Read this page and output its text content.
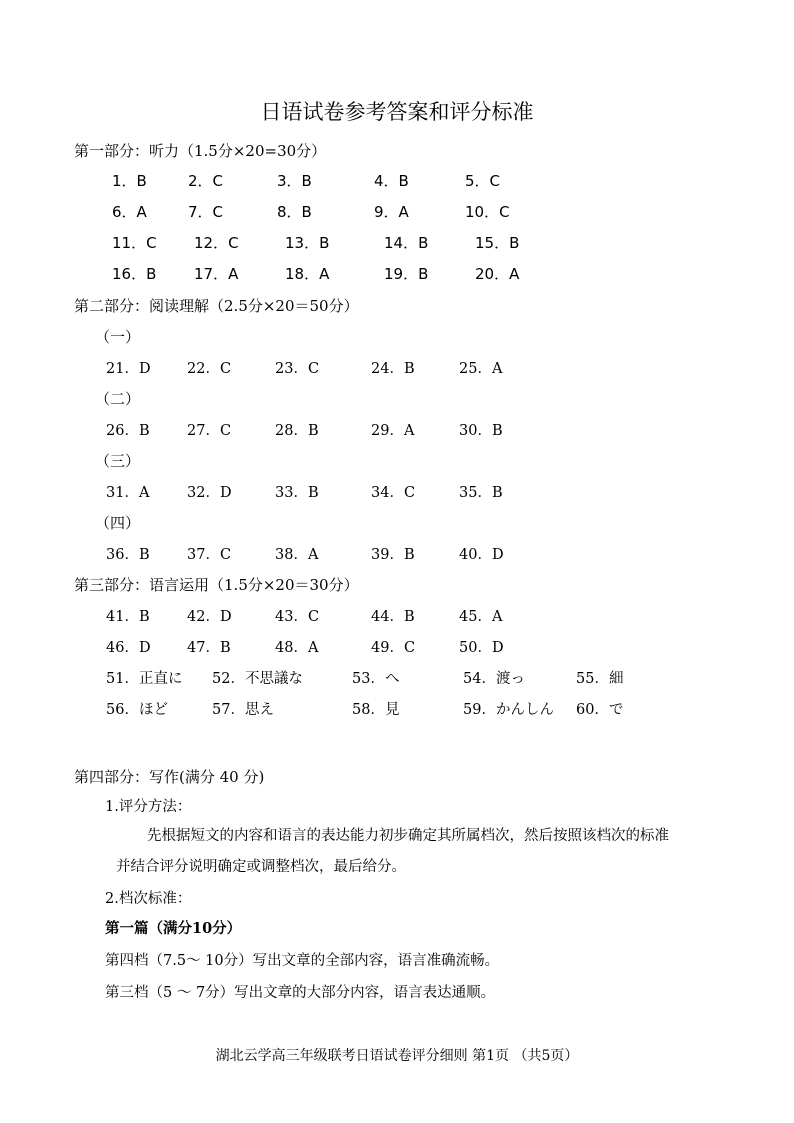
日语试卷参考答案和评分标准
第一部分：听力（1.5分×20=30分）
1．B	2．C	3．B	4．B	5．C
6．A	7．C	8．B	9．A	10．C
11．C 12．C	13．B	14．B	15．B
16．B	17．A	18．A	19．B	20．A
第二部分：阅读理解（2.5分×20＝50分）
（一）
21．D	22．C	23．C	24．B	25．A
（二）
26．B	27．C	28．B	29．A	30．B
（三）
31．A	32．D	33．B	34．C	35．B
（四）
36．B	37．C	38．A	39．B	40．D
第三部分：语言运用（1.5分×20＝30分）
41．B	42．D	43．C	44．B	45．A
46．D	47．B	48．A	49．C	50．D
51．正直に 52．不思議な	53．へ	54．渡っ	55．細
56．ほど	57．思え	58．見	59．かんしん 60．で
第四部分：写作(满分 40 分)
1.评分方法：
先根据短文的内容和语言的表达能力初步确定其所属档次，然后按照该档次的标准
并结合评分说明确定或调整档次，最后给分。
2.档次标准：
第一篇（满分10分）
第四档（7.5～ 10分）写出文章的全部内容，语言准确流畅。
第三档（5 ～ 7分）写出文章的大部分内容，语言表达通顺。
湖北云学高三年级联考日语试卷评分细则 第1页 （共5页）
